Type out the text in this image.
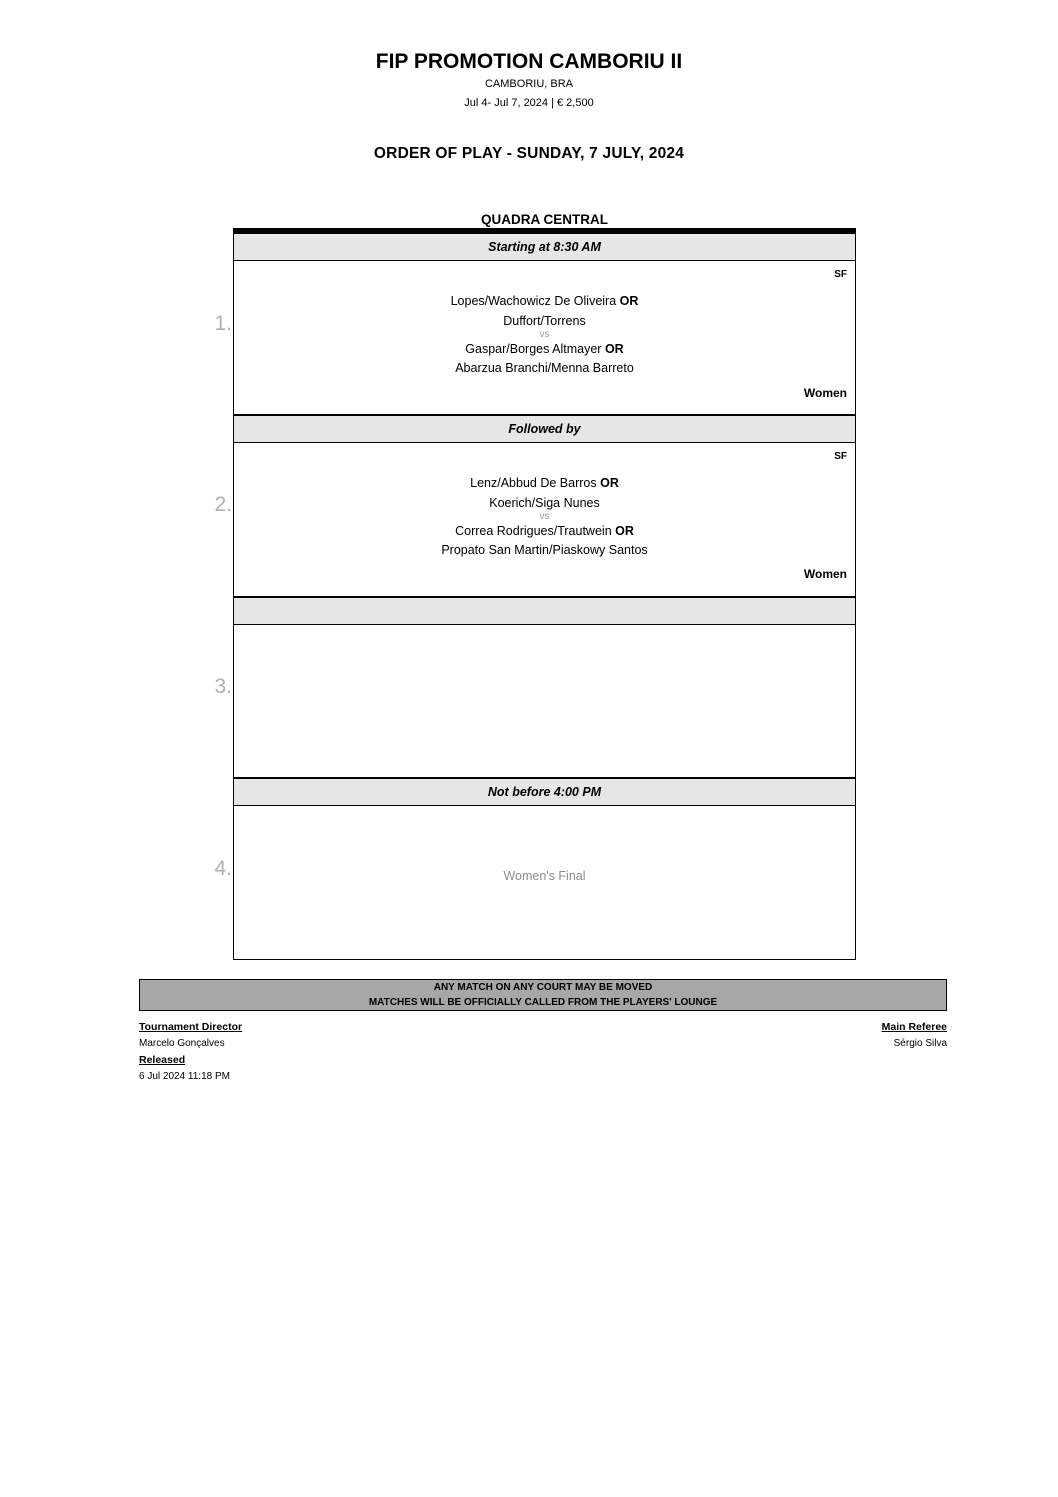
FIP PROMOTION CAMBORIU II
CAMBORIU, BRA
Jul 4- Jul 7, 2024 | € 2,500
ORDER OF PLAY - SUNDAY, 7 JULY, 2024
QUADRA CENTRAL
Starting at 8:30 AM
SF
Lopes/Wachowicz De Oliveira OR
Duffort/Torrens
vs
Gaspar/Borges Altmayer OR
Abarzua Branchi/Menna Barreto
Women
1.
Followed by
SF
Lenz/Abbud De Barros OR
Koerich/Siga Nunes
vs
Correa Rodrigues/Trautwein OR
Propato San Martin/Piaskowy Santos
Women
2.
3.
Not before 4:00 PM
Women's Final
4.
ANY MATCH ON ANY COURT MAY BE MOVED
MATCHES WILL BE OFFICIALLY CALLED FROM THE PLAYERS' LOUNGE
Tournament Director
Marcelo Gonçalves
Released
6 Jul 2024 11:18 PM
Main Referee
Sérgio Silva
